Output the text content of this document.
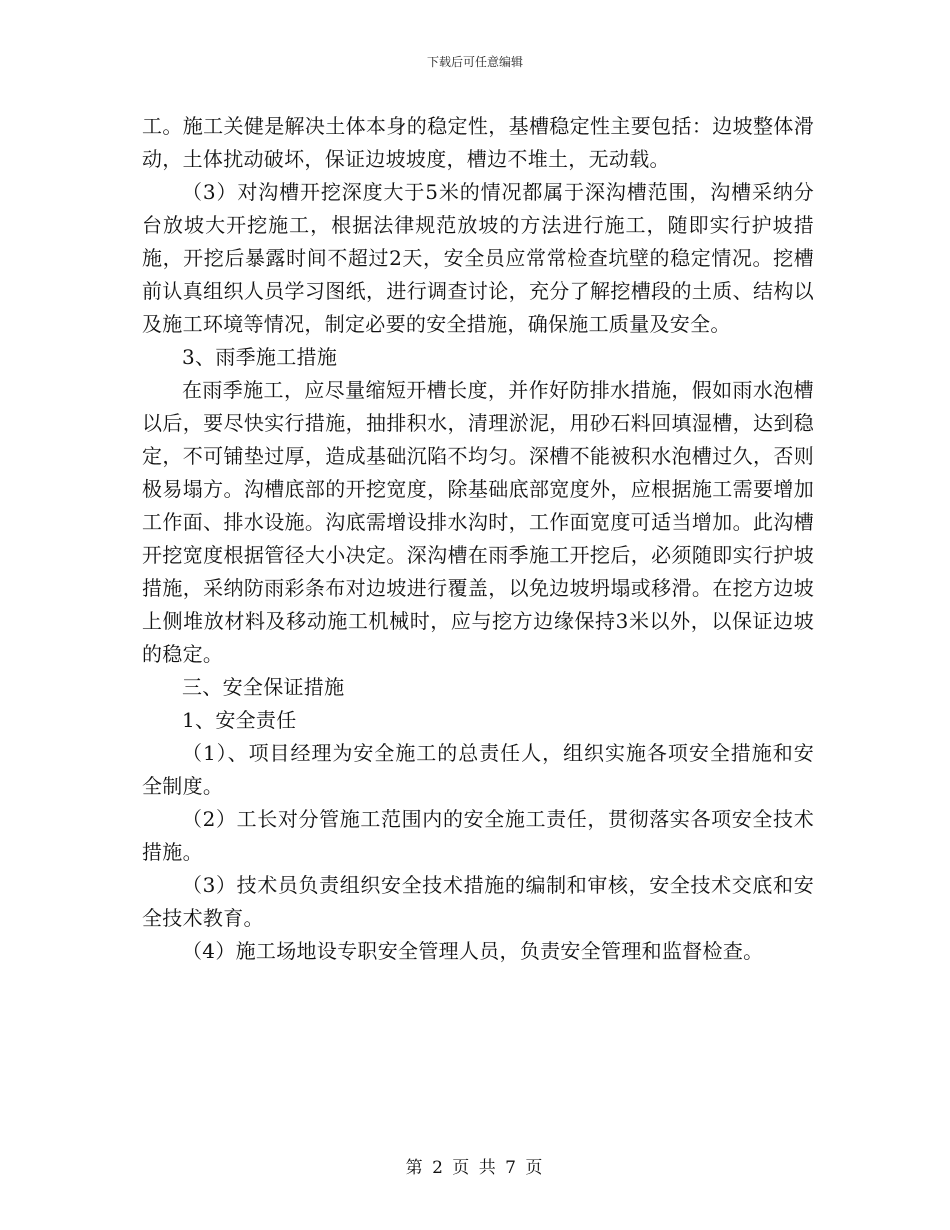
下载后可任意编辑

工。施工关健是解决土体本身的稳定性，基槽稳定性主要包括：边坡整体滑动，土体扰动破坏，保证边坡坡度，槽边不堆土，无动载。

（3）对沟槽开挖深度大于5米的情况都属于深沟槽范围，沟槽采纳分台放坡大开挖施工，根据法律规范放坡的方法进行施工，随即实行护坡措施，开挖后暴露时间不超过2天，安全员应常常检查坑壁的稳定情况。挖槽前认真组织人员学习图纸，进行调查讨论，充分了解挖槽段的土质、结构以及施工环境等情况，制定必要的安全措施，确保施工质量及安全。

3、雨季施工措施

在雨季施工，应尽量缩短开槽长度，并作好防排水措施，假如雨水泡槽以后，要尽快实行措施，抽排积水，清理淤泥，用砂石料回填湿槽，达到稳定，不可铺垫过厚，造成基础沉陷不均匀。深槽不能被积水泡槽过久，否则极易塌方。沟槽底部的开挖宽度，除基础底部宽度外，应根据施工需要增加工作面、排水设施。沟底需增设排水沟时，工作面宽度可适当增加。此沟槽开挖宽度根据管径大小决定。深沟槽在雨季施工开挖后，必须随即实行护坡措施，采纳防雨彩条布对边坡进行覆盖，以免边坡坍塌或移滑。在挖方边坡上侧堆放材料及移动施工机械时，应与挖方边缘保持3米以外，以保证边坡的稳定。

三、安全保证措施

1、安全责任

（1）、项目经理为安全施工的总责任人，组织实施各项安全措施和安全制度。

（2）工长对分管施工范围内的安全施工责任，贯彻落实各项安全技术措施。

（3）技术员负责组织安全技术措施的编制和审核，安全技术交底和安全技术教育。

（4）施工场地设专职安全管理人员，负责安全管理和监督检查。

第 2 页 共 7 页
